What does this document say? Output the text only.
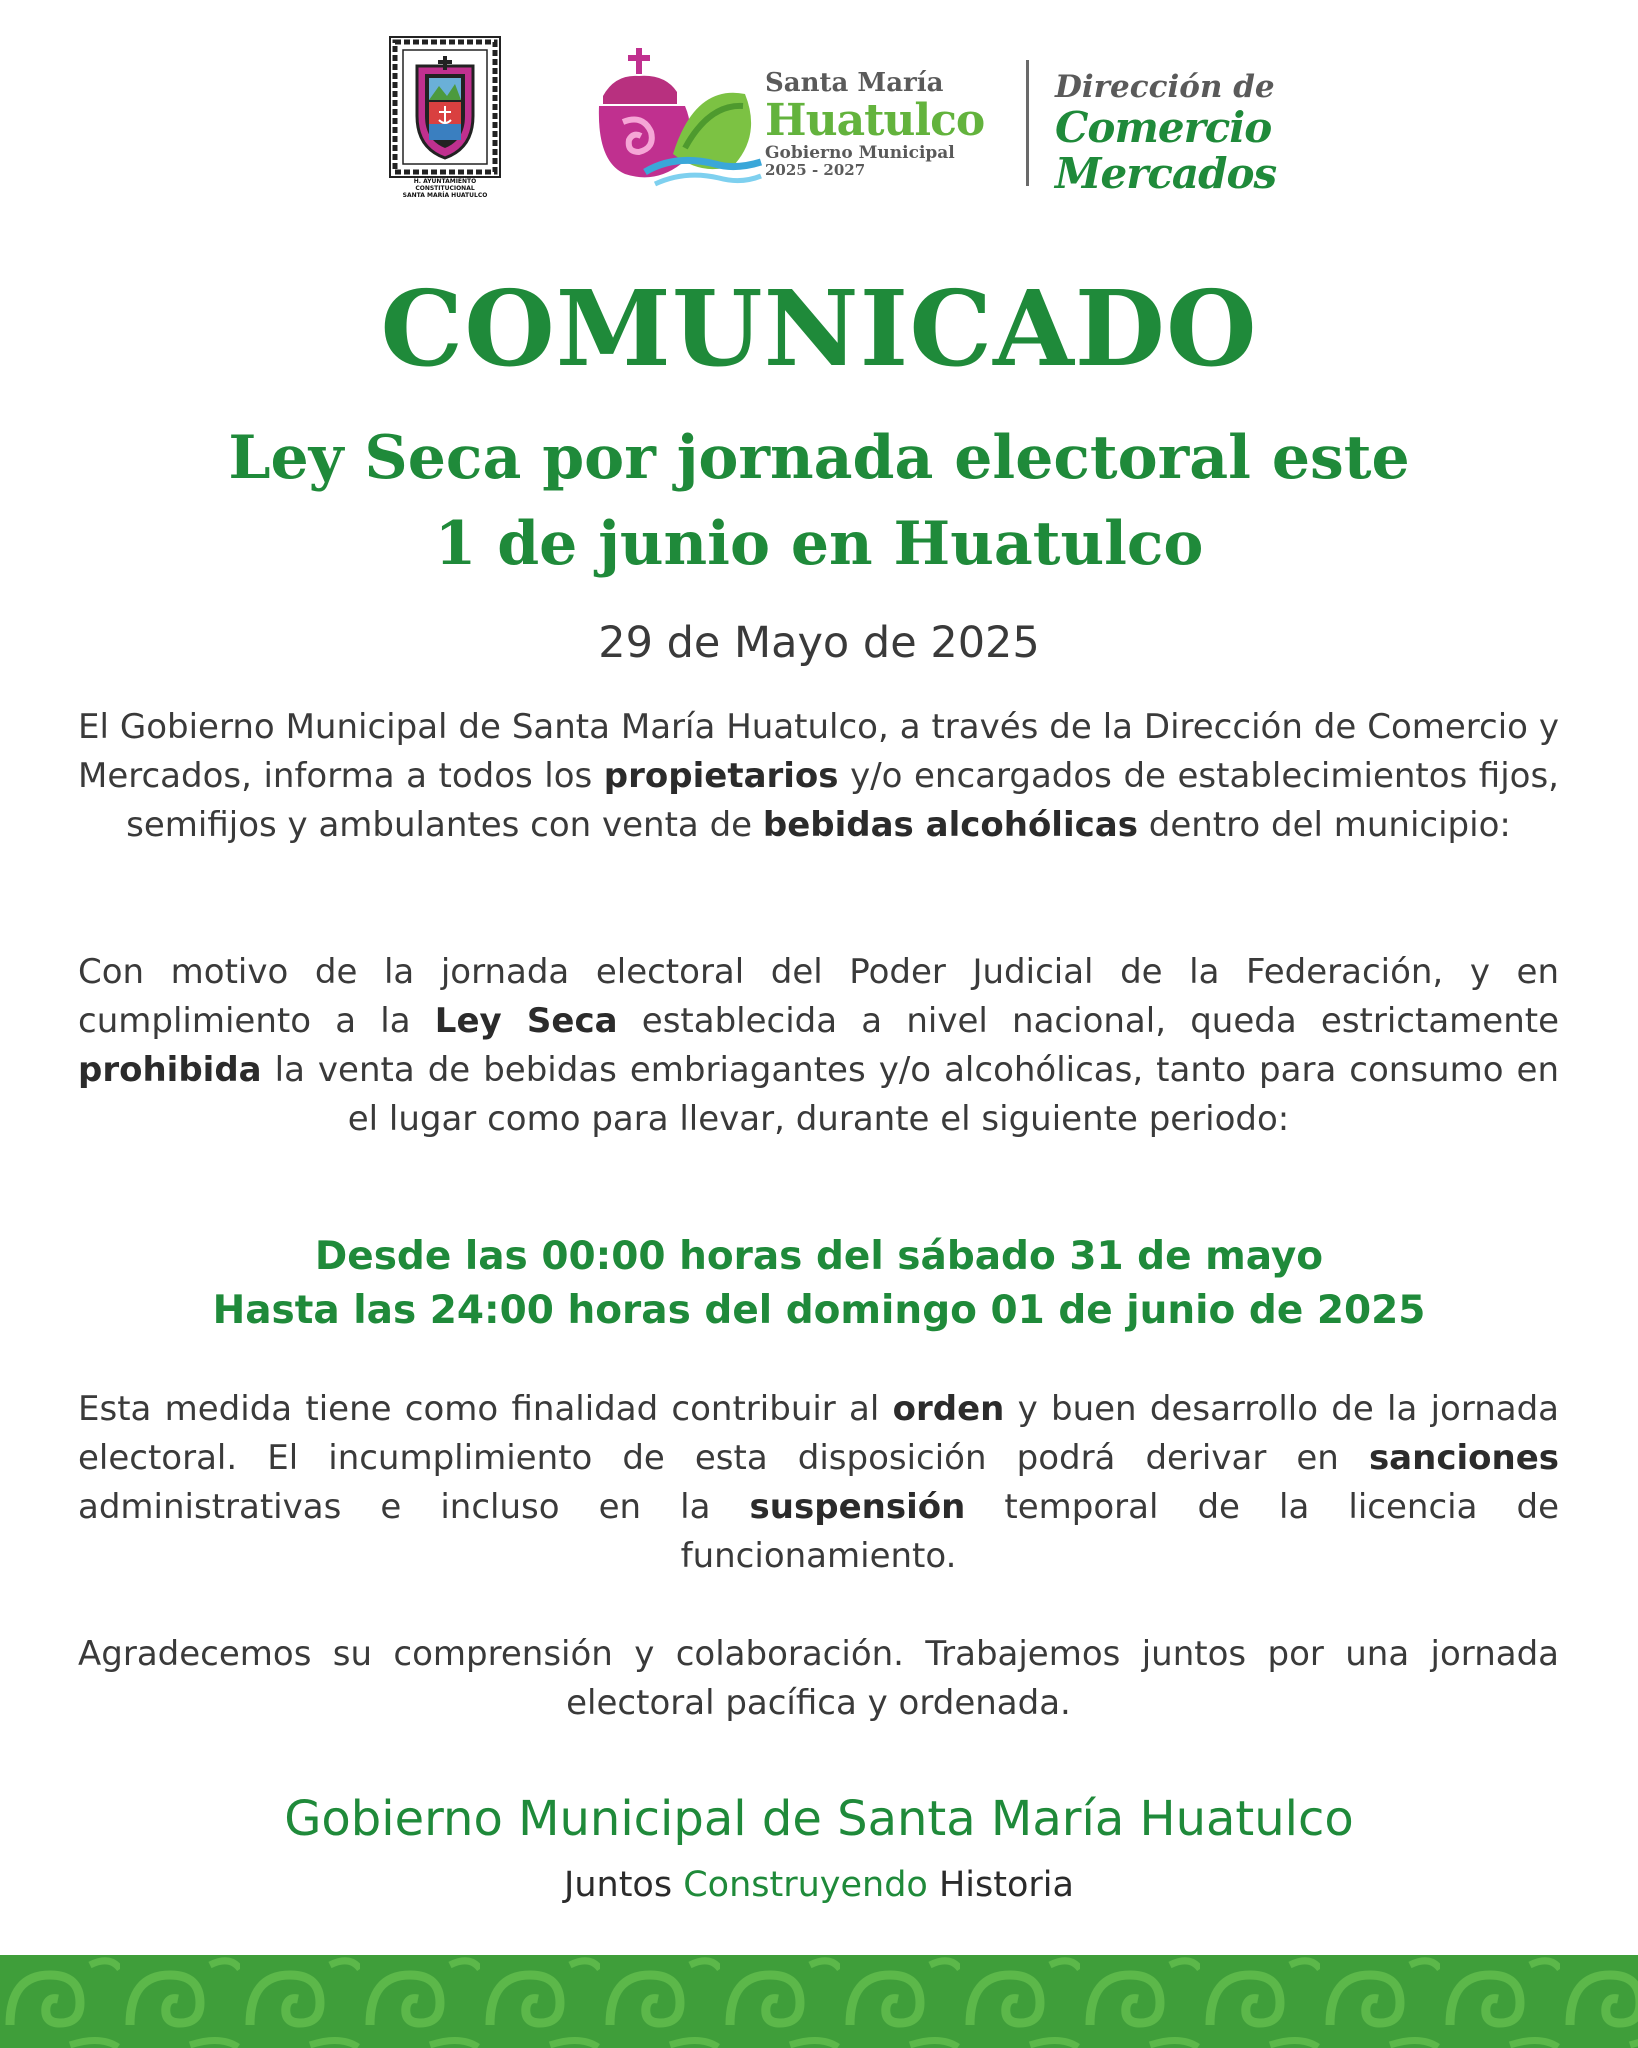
H. AYUNTAMIENTO CONSTITUCIONAL
SANTA MARÍA HUATULCO
Santa María
Huatulco
Gobierno Municipal
2025 - 2027
Dirección de
Comercio
Mercados
COMUNICADO
Ley Seca por jornada electoral este
1 de junio en Huatulco
29 de Mayo de 2025
El Gobierno Municipal de Santa María Huatulco, a través de la Dirección de Comercio y Mercados, informa a todos los propietarios y/o encargados de establecimientos fijos, semifijos y ambulantes con venta de bebidas alcohólicas dentro del municipio:
Con motivo de la jornada electoral del Poder Judicial de la Federación, y en cumplimiento a la Ley Seca establecida a nivel nacional, queda estrictamente prohibida la venta de bebidas embriagantes y/o alcohólicas, tanto para consumo en el lugar como para llevar, durante el siguiente periodo:
Desde las 00:00 horas del sábado 31 de mayo
Hasta las 24:00 horas del domingo 01 de junio de 2025
Esta medida tiene como finalidad contribuir al orden y buen desarrollo de la jornada electoral. El incumplimiento de esta disposición podrá derivar en sanciones administrativas e incluso en la suspensión temporal de la licencia de funcionamiento.
Agradecemos su comprensión y colaboración. Trabajemos juntos por una jornada electoral pacífica y ordenada.
Gobierno Municipal de Santa María Huatulco
Juntos Construyendo Historia
